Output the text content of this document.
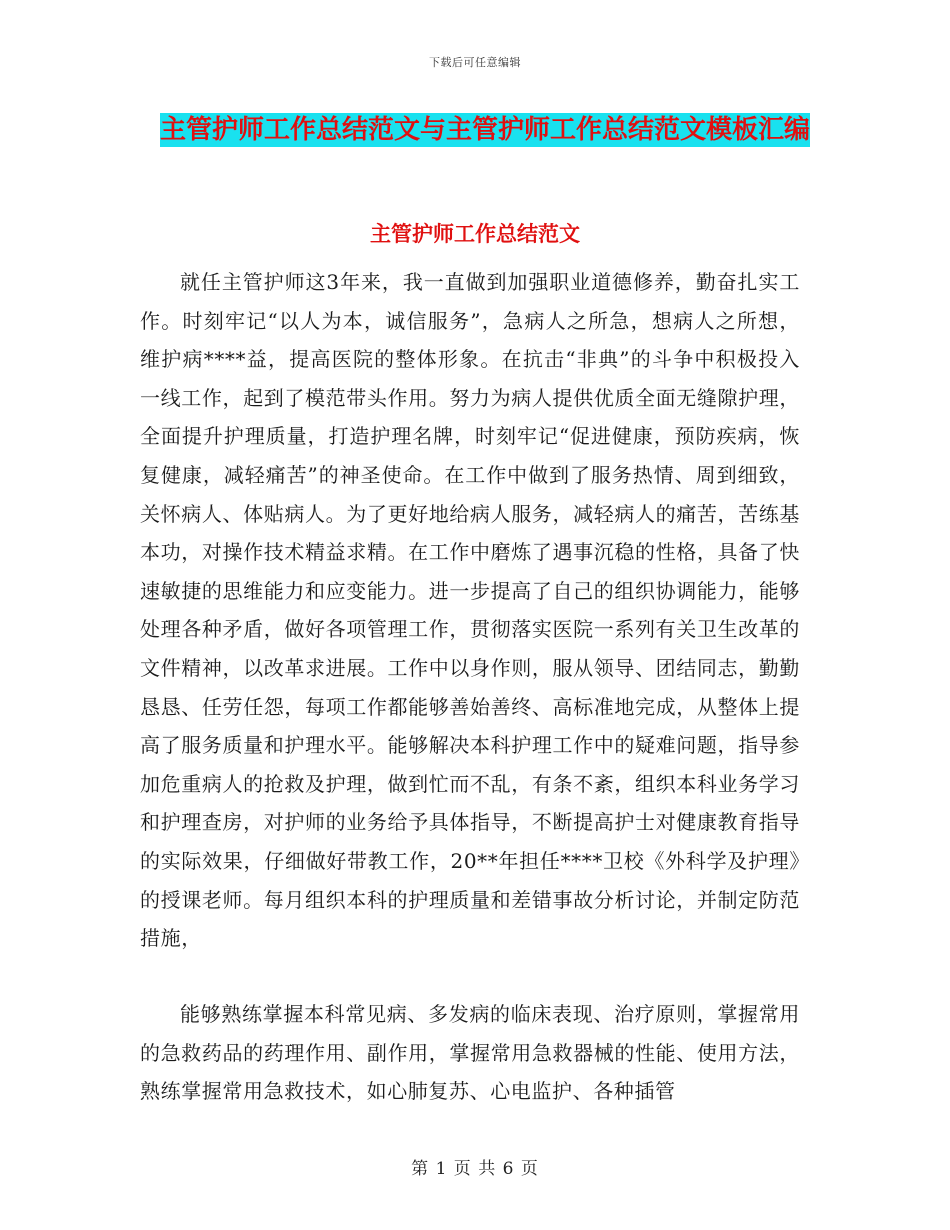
下载后可任意编辑
主管护师工作总结范文与主管护师工作总结范文模板汇编
主管护师工作总结范文

就任主管护师这3年来，我一直做到加强职业道德修养，勤奋扎实工作。时刻牢记“以人为本，诚信服务”，急病人之所急，想病人之所想，维护病****益，提高医院的整体形象。在抗击“非典”的斗争中积极投入一线工作，起到了模范带头作用。努力为病人提供优质全面无缝隙护理，全面提升护理质量，打造护理名牌，时刻牢记“促进健康，预防疾病，恢复健康，减轻痛苦”的神圣使命。在工作中做到了服务热情、周到细致，关怀病人、体贴病人。为了更好地给病人服务，减轻病人的痛苦，苦练基本功，对操作技术精益求精。在工作中磨炼了遇事沉稳的性格，具备了快速敏捷的思维能力和应变能力。进一步提高了自己的组织协调能力，能够处理各种矛盾，做好各项管理工作，贯彻落实医院一系列有关卫生改革的文件精神，以改革求进展。工作中以身作则，服从领导、团结同志，勤勤恳恳、任劳任怨，每项工作都能够善始善终、高标准地完成，从整体上提高了服务质量和护理水平。能够解决本科护理工作中的疑难问题，指导参加危重病人的抢救及护理，做到忙而不乱，有条不紊，组织本科业务学习和护理查房，对护师的业务给予具体指导，不断提高护士对健康教育指导的实际效果，仔细做好带教工作，20**年担任****卫校《外科学及护理》的授课老师。每月组织本科的护理质量和差错事故分析讨论，并制定防范措施，

能够熟练掌握本科常见病、多发病的临床表现、治疗原则，掌握常用的急救药品的药理作用、副作用，掌握常用急救器械的性能、使用方法，熟练掌握常用急救技术，如心肺复苏、心电监护、各种插管

第 1 页 共 6 页
